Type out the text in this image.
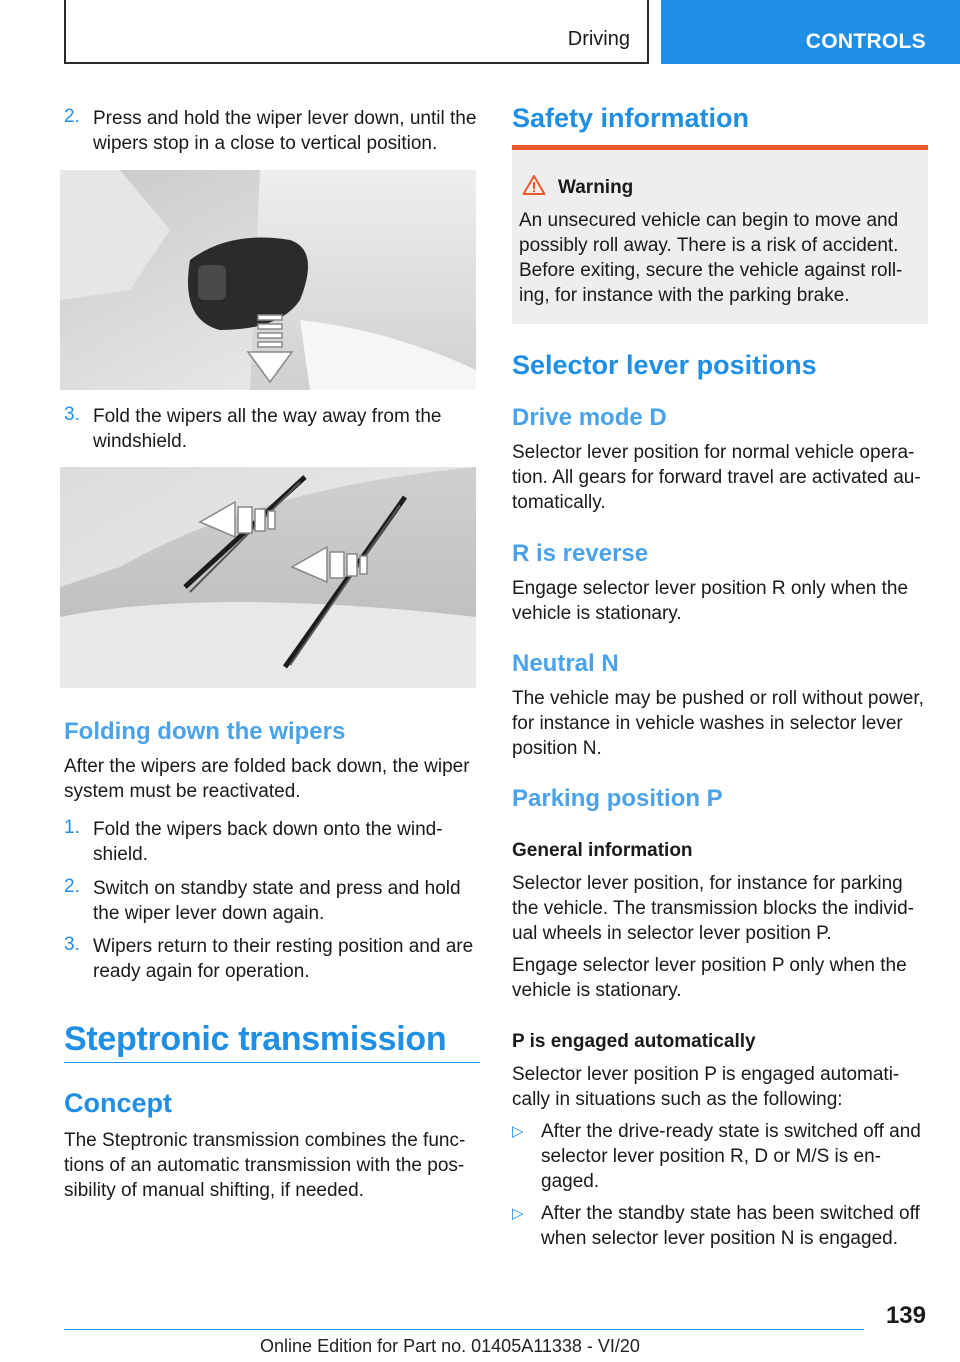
Driving	CONTROLS
2. Press and hold the wiper lever down, until the wipers stop in a close to vertical position.
3. Fold the wipers all the way away from the windshield.
Folding down the wipers
After the wipers are folded back down, the wiper system must be reactivated.
1. Fold the wipers back down onto the wind‐ shield.
2. Switch on standby state and press and hold the wiper lever down again.
3. Wipers return to their resting position and are ready again for operation.
Steptronic transmission
Concept
The Steptronic transmission combines the func‐ tions of an automatic transmission with the pos‐ sibility of manual shifting, if needed.
Safety information
Warning
An unsecured vehicle can begin to move and possibly roll away. There is a risk of accident. Before exiting, secure the vehicle against roll‐ ing, for instance with the parking brake.
Selector lever positions
Drive mode D
Selector lever position for normal vehicle opera‐ tion. All gears for forward travel are activated au‐ tomatically.
R is reverse
Engage selector lever position R only when the vehicle is stationary.
Neutral N
The vehicle may be pushed or roll without power, for instance in vehicle washes in selector lever position N.
Parking position P
General information
Selector lever position, for instance for parking the vehicle. The transmission blocks the individ‐ ual wheels in selector lever position P.
Engage selector lever position P only when the vehicle is stationary.
P is engaged automatically
Selector lever position P is engaged automati‐ cally in situations such as the following:
▷ After the drive-ready state is switched off and selector lever position R, D or M/S is en‐ gaged.
▷ After the standby state has been switched off when selector lever position N is engaged.
139
Online Edition for Part no. 01405A11338 - VI/20
